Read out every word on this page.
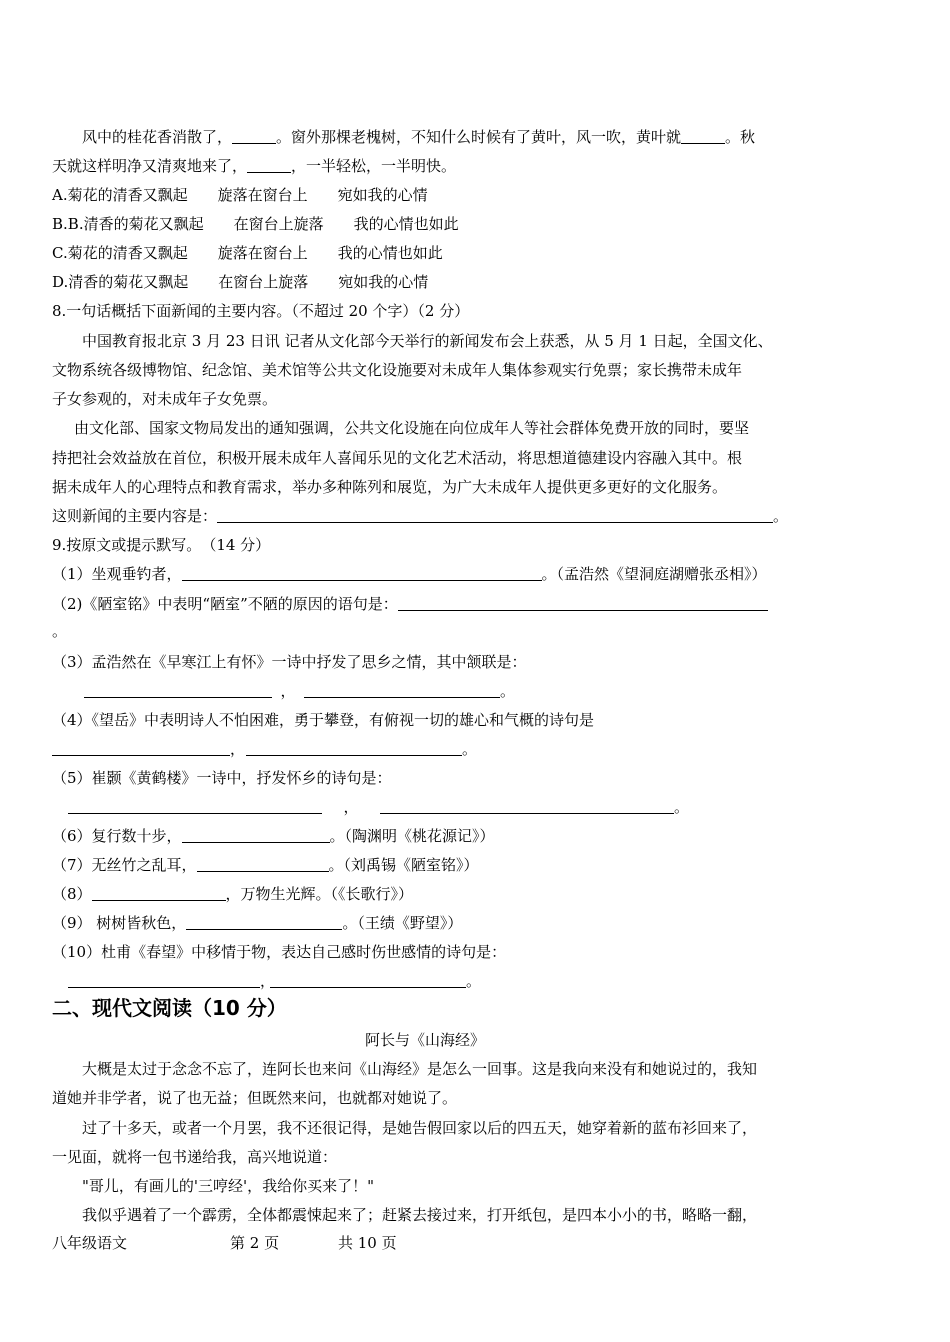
风中的桂花香消散了，	。窗外那棵老槐树，不知什么时候有了黄叶，风一吹，黄叶就	。秋
天就这样明净又清爽地来了，	，一半轻松，一半明快。
A.菊花的清香又飘起　　旋落在窗台上　　宛如我的心情
B.B.清香的菊花又飘起　　在窗台上旋落　　我的心情也如此
C.菊花的清香又飘起　　旋落在窗台上　　我的心情也如此
D.清香的菊花又飘起　　在窗台上旋落　　宛如我的心情
8.一句话概括下面新闻的主要内容。（不超过 20 个字）（2 分）
中国教育报北京 3 月 23 日讯 记者从文化部今天举行的新闻发布会上获悉，从 5 月 1 日起，全国文化、
文物系统各级博物馆、纪念馆、美术馆等公共文化设施要对未成年人集体参观实行免票；家长携带未成年
子女参观的，对未成年子女免票。
由文化部、国家文物局发出的通知强调，公共文化设施在向位成年人等社会群体免费开放的同时，要坚
持把社会效益放在首位，积极开展未成年人喜闻乐见的文化艺术活动，将思想道德建设内容融入其中。根
据未成年人的心理特点和教育需求，举办多种陈列和展览，为广大未成年人提供更多更好的文化服务。
这则新闻的主要内容是：	。
9.按原文或提示默写。　（14 分）
（1）坐观垂钓者，	。（孟浩然《望洞庭湖赠张丞相》）
（2)《陋室铭》中表明“陋室”不陋的原因的语句是：
。
（3）孟浩然在《早寒江上有怀》一诗中抒发了思乡之情，其中颔联是：
，	。
（4）《望岳》中表明诗人不怕困难，勇于攀登，有俯视一切的雄心和气概的诗句是
，	。
（5）崔颢《黄鹤楼》一诗中，抒发怀乡的诗句是：
，	。
（6）复行数十步，	。（陶渊明《桃花源记》）
（7）无丝竹之乱耳，	。（刘禹锡《陋室铭》）
（8）	，万物生光辉。（《长歌行》）
（9） 树树皆秋色，	。（王绩《野望》）
（10）杜甫《春望》中移情于物，表达自己感时伤世感情的诗句是：
，	。
二、现代文阅读（10 分）
阿长与《山海经》
大概是太过于念念不忘了，连阿长也来问《山海经》是怎么一回事。这是我向来没有和她说过的，我知
道她并非学者，说了也无益；但既然来问，也就都对她说了。
过了十多天，或者一个月罢，我不还很记得，是她告假回家以后的四五天，她穿着新的蓝布衫回来了，
一见面，就将一包书递给我，高兴地说道：
"哥儿，有画儿的'三哼经'，我给你买来了！"
我似乎遇着了一个霹雳，全体都震悚起来了；赶紧去接过来，打开纸包，是四本小小的书，略略一翻，
八年级语文	第 2 页	共 10 页
